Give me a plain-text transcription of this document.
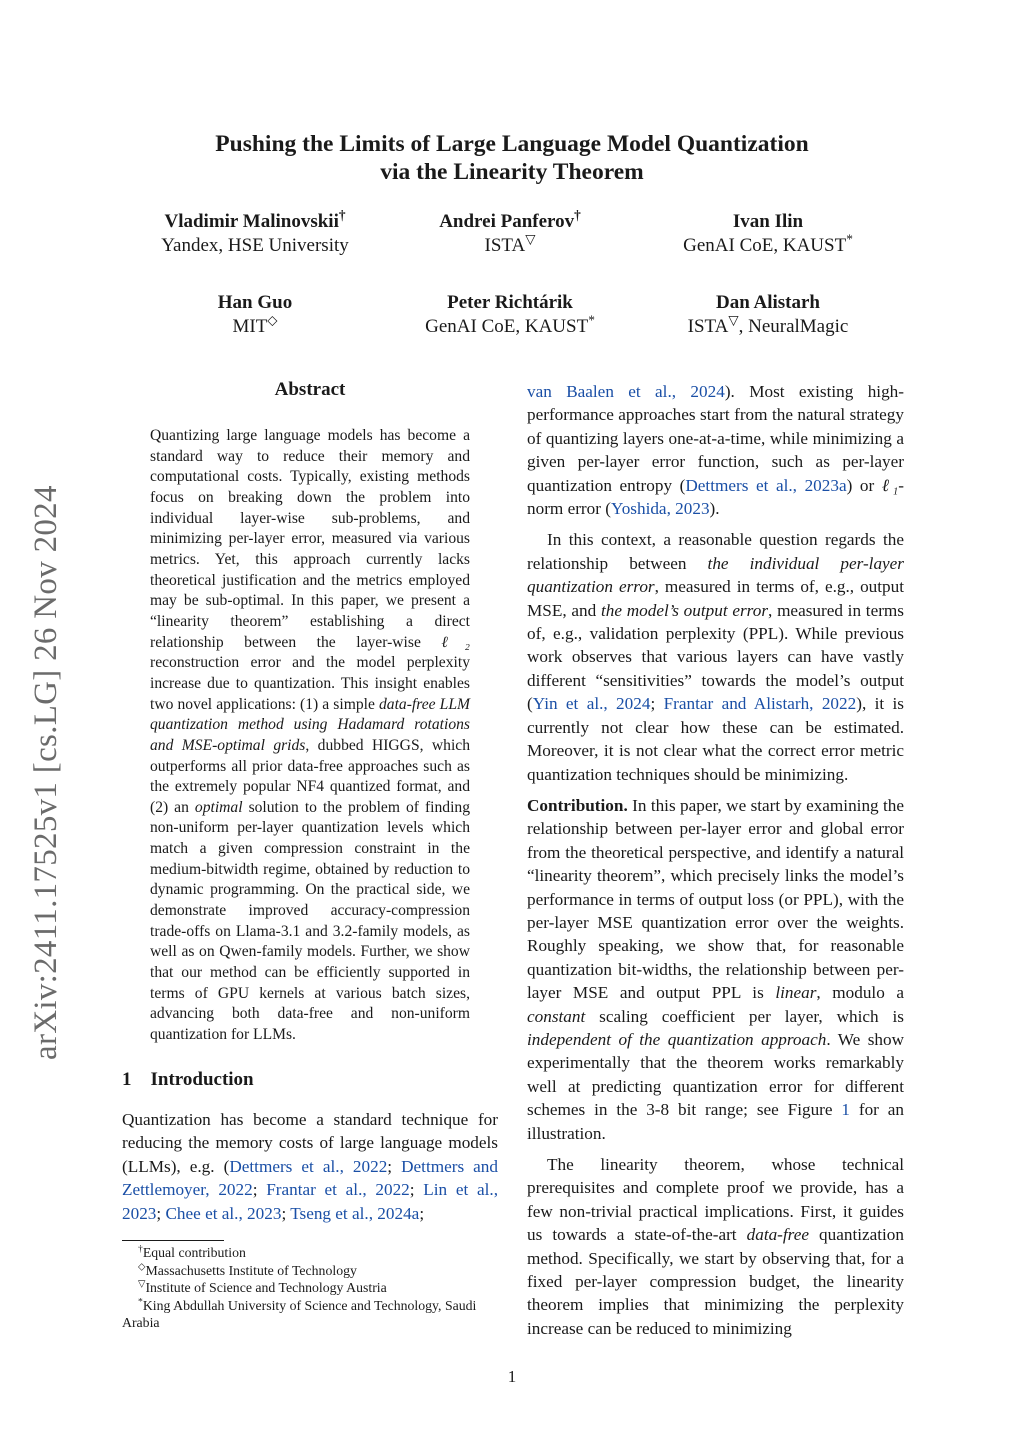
Pushing the Limits of Large Language Model Quantization
via the Linearity Theorem
Vladimir Malinovskii†
Yandex, HSE University
Andrei Panferov†
ISTA▽
Ivan Ilin
GenAI CoE, KAUST*
Han Guo
MIT◇
Peter Richtárik
GenAI CoE, KAUST*
Dan Alistarh
ISTA▽, NeuralMagic
arXiv:2411.17525v1 [cs.LG] 26 Nov 2024
Abstract
Quantizing large language models has become a standard way to reduce their memory and computational costs. Typically, existing methods focus on breaking down the problem into individual layer-wise sub-problems, and minimizing per-layer error, measured via various metrics. Yet, this approach currently lacks theoretical justification and the metrics employed may be sub-optimal. In this paper, we present a “linearity theorem” establishing a direct relationship between the layer-wise ℓ₂ reconstruction error and the model perplexity increase due to quantization. This insight enables two novel applications: (1) a simple data-free LLM quantization method using Hadamard rotations and MSE-optimal grids, dubbed HIGGS, which outperforms all prior data-free approaches such as the extremely popular NF4 quantized format, and (2) an optimal solution to the problem of finding non-uniform per-layer quantization levels which match a given compression constraint in the medium-bitwidth regime, obtained by reduction to dynamic programming. On the practical side, we demonstrate improved accuracy-compression trade-offs on Llama-3.1 and 3.2-family models, as well as on Qwen-family models. Further, we show that our method can be efficiently supported in terms of GPU kernels at various batch sizes, advancing both data-free and non-uniform quantization for LLMs.
1 Introduction
Quantization has become a standard technique for reducing the memory costs of large language models (LLMs), e.g. (Dettmers et al., 2022; Dettmers and Zettlemoyer, 2022; Frantar et al., 2022; Lin et al., 2023; Chee et al., 2023; Tseng et al., 2024a;
†Equal contribution
◇Massachusetts Institute of Technology
▽Institute of Science and Technology Austria
*King Abdullah University of Science and Technology, Saudi Arabia

van Baalen et al., 2024). Most existing high-performance approaches start from the natural strategy of quantizing layers one-at-a-time, while minimizing a given per-layer error function, such as per-layer quantization entropy (Dettmers et al., 2023a) or ℓ₁-norm error (Yoshida, 2023).

In this context, a reasonable question regards the relationship between the individual per-layer quantization error, measured in terms of, e.g., output MSE, and the model’s output error, measured in terms of, e.g., validation perplexity (PPL). While previous work observes that various layers can have vastly different “sensitivities” towards the model’s output (Yin et al., 2024; Frantar and Alistarh, 2022), it is currently not clear how these can be estimated. Moreover, it is not clear what the correct error metric quantization techniques should be minimizing.

Contribution. In this paper, we start by examining the relationship between per-layer error and global error from the theoretical perspective, and identify a natural “linearity theorem”, which precisely links the model’s performance in terms of output loss (or PPL), with the per-layer MSE quantization error over the weights. Roughly speaking, we show that, for reasonable quantization bit-widths, the relationship between per-layer MSE and output PPL is linear, modulo a constant scaling coefficient per layer, which is independent of the quantization approach. We show experimentally that the theorem works remarkably well at predicting quantization error for different schemes in the 3-8 bit range; see Figure 1 for an illustration.

The linearity theorem, whose technical prerequisites and complete proof we provide, has a few non-trivial practical implications. First, it guides us towards a state-of-the-art data-free quantization method. Specifically, we start by observing that, for a fixed per-layer compression budget, the linearity theorem implies that minimizing the perplexity increase can be reduced to minimizing

1
